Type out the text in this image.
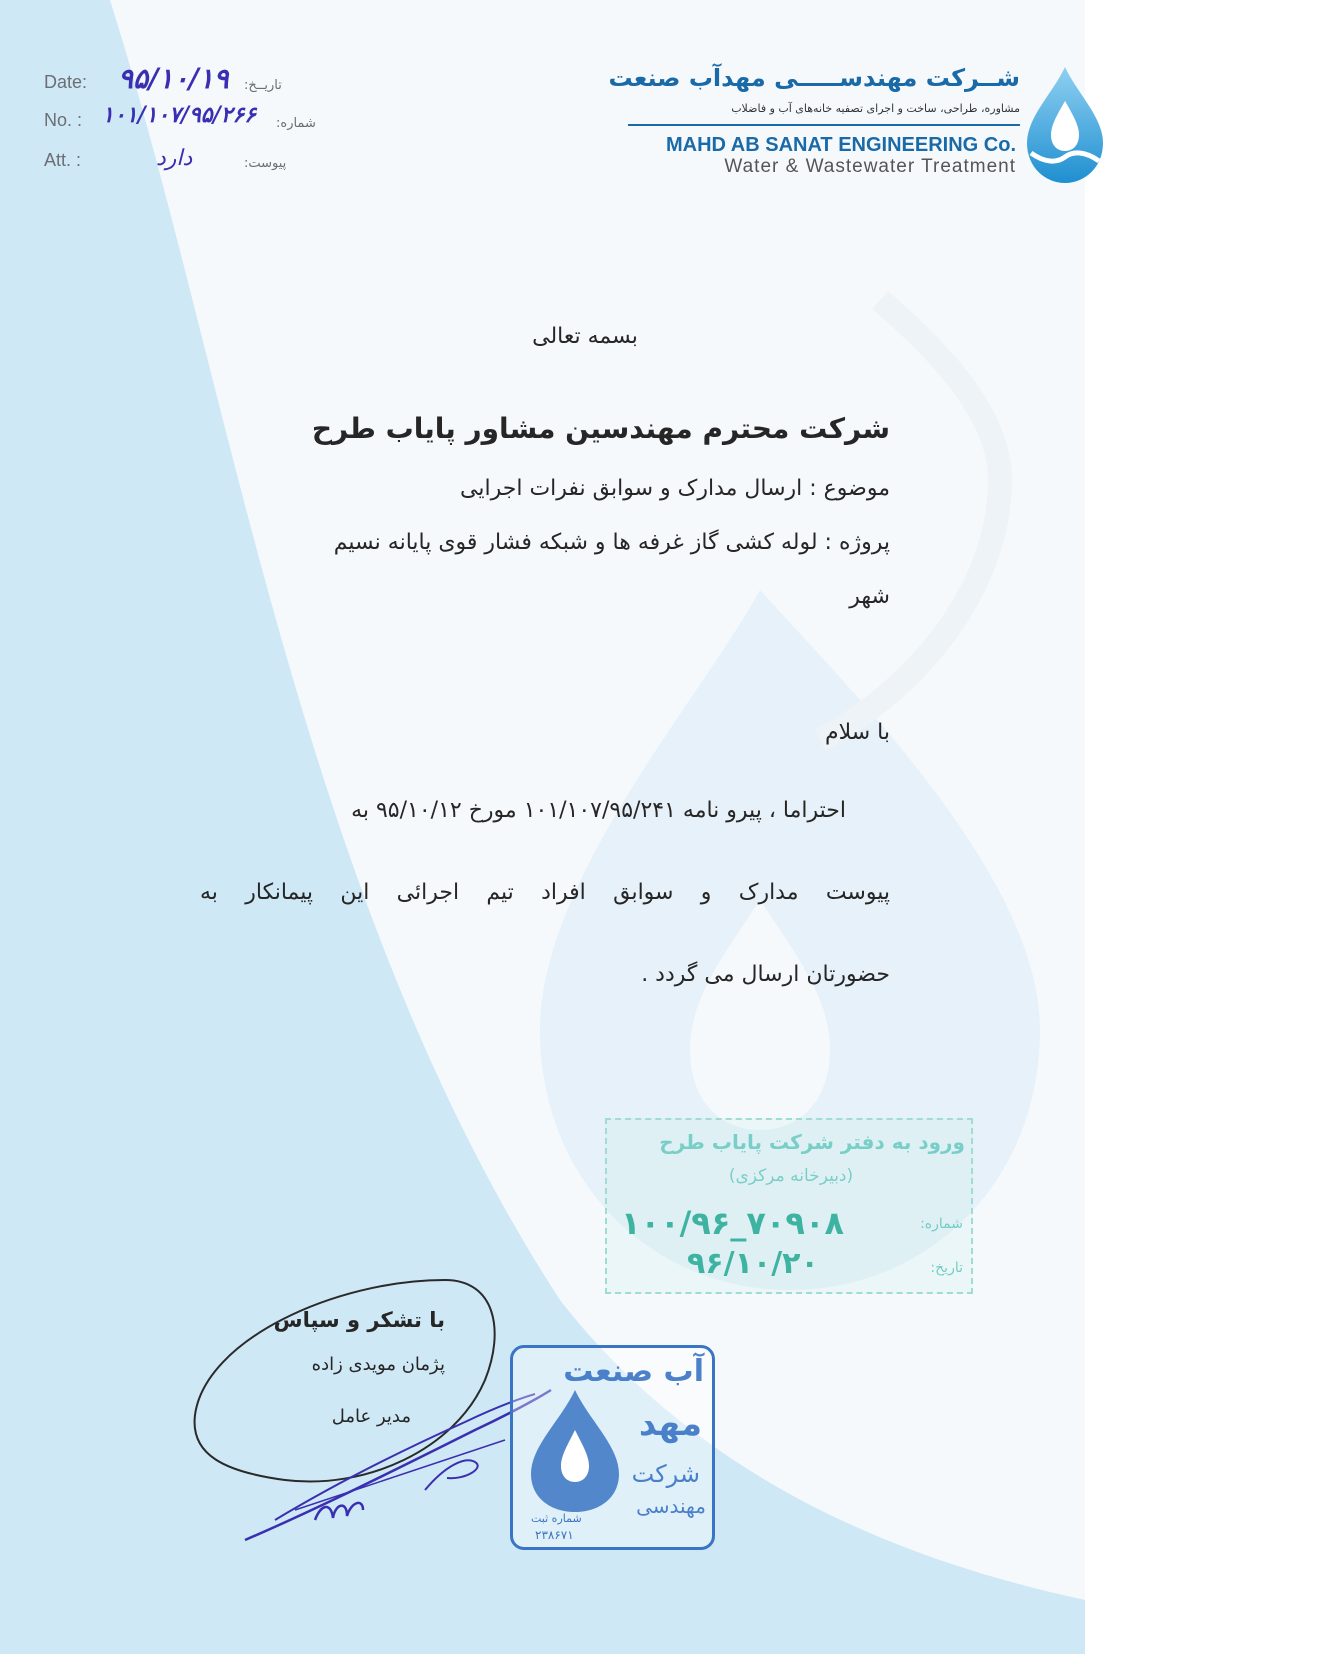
Date: ۹۵/۱۰/۱۹ تاریــخ:
No. : ۱۰۱/۱۰۷/۹۵/۲۶۶ شماره:
Att. :	دارد	پیوست:
شــرکت مهندســـــی مهدآب صنعت
مشاوره، طراحی، ساخت و اجرای تصفیه خانه‌های آب و فاضلاب
MAHD AB SANAT ENGINEERING Co.
Water & Wastewater Treatment
بسمه تعالی
شرکت محترم مهندسین مشاور پایاب طرح
موضوع : ارسال مدارک و سوابق نفرات اجرایی
پروژه : لوله کشی گاز غرفه ها و شبکه فشار قوی پایانه نسیم
شهر
با سلام
احتراما ، پیرو نامه ۱۰۱/۱۰۷/۹۵/۲۴۱ مورخ ۹۵/۱۰/۱۲ به
پیوست مدارک و سوابق افراد تیم اجرائی این پیمانکار به
حضورتان ارسال می گردد .
ورود به دفتر شرکت پایاب طرح
(دبیرخانه مرکزی)
شماره:
۱۰۰/۹۶_۷۰۹۰۸
تاریخ:
۹۶/۱۰/۲۰
با تشکر و سپاس
پژمان مویدی زاده
مدیر عامل
آب صنعت
مهد
شرکت
مهندسی
شماره ثبت
۲۳۸۶۷۱
